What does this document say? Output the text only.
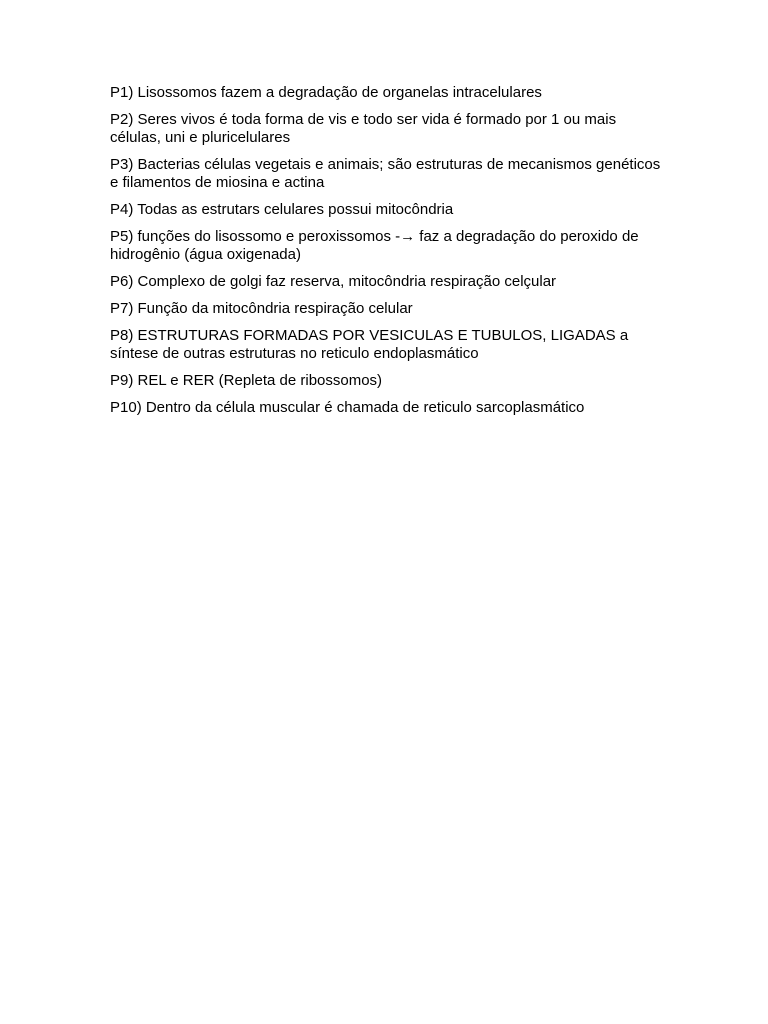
P1) Lisossomos fazem a degradação de organelas intracelulares

P2) Seres vivos é toda forma de vis e todo ser vida é formado por 1 ou mais células, uni e pluricelulares

P3) Bacterias células vegetais e animais; são estruturas de mecanismos genéticos e filamentos de miosina e actina

P4) Todas as estrutars celulares possui mitocôndria

P5) funções do lisossomo e peroxissomos -→ faz a degradação do peroxido de hidrogênio (água oxigenada)

P6) Complexo de golgi faz reserva, mitocôndria respiração celçular

P7) Função da mitocôndria respiração celular

P8) ESTRUTURAS FORMADAS POR VESICULAS E TUBULOS, LIGADAS a síntese de outras estruturas no reticulo endoplasmático

P9) REL e RER (Repleta de ribossomos)

P10) Dentro da célula muscular é chamada de reticulo sarcoplasmático
